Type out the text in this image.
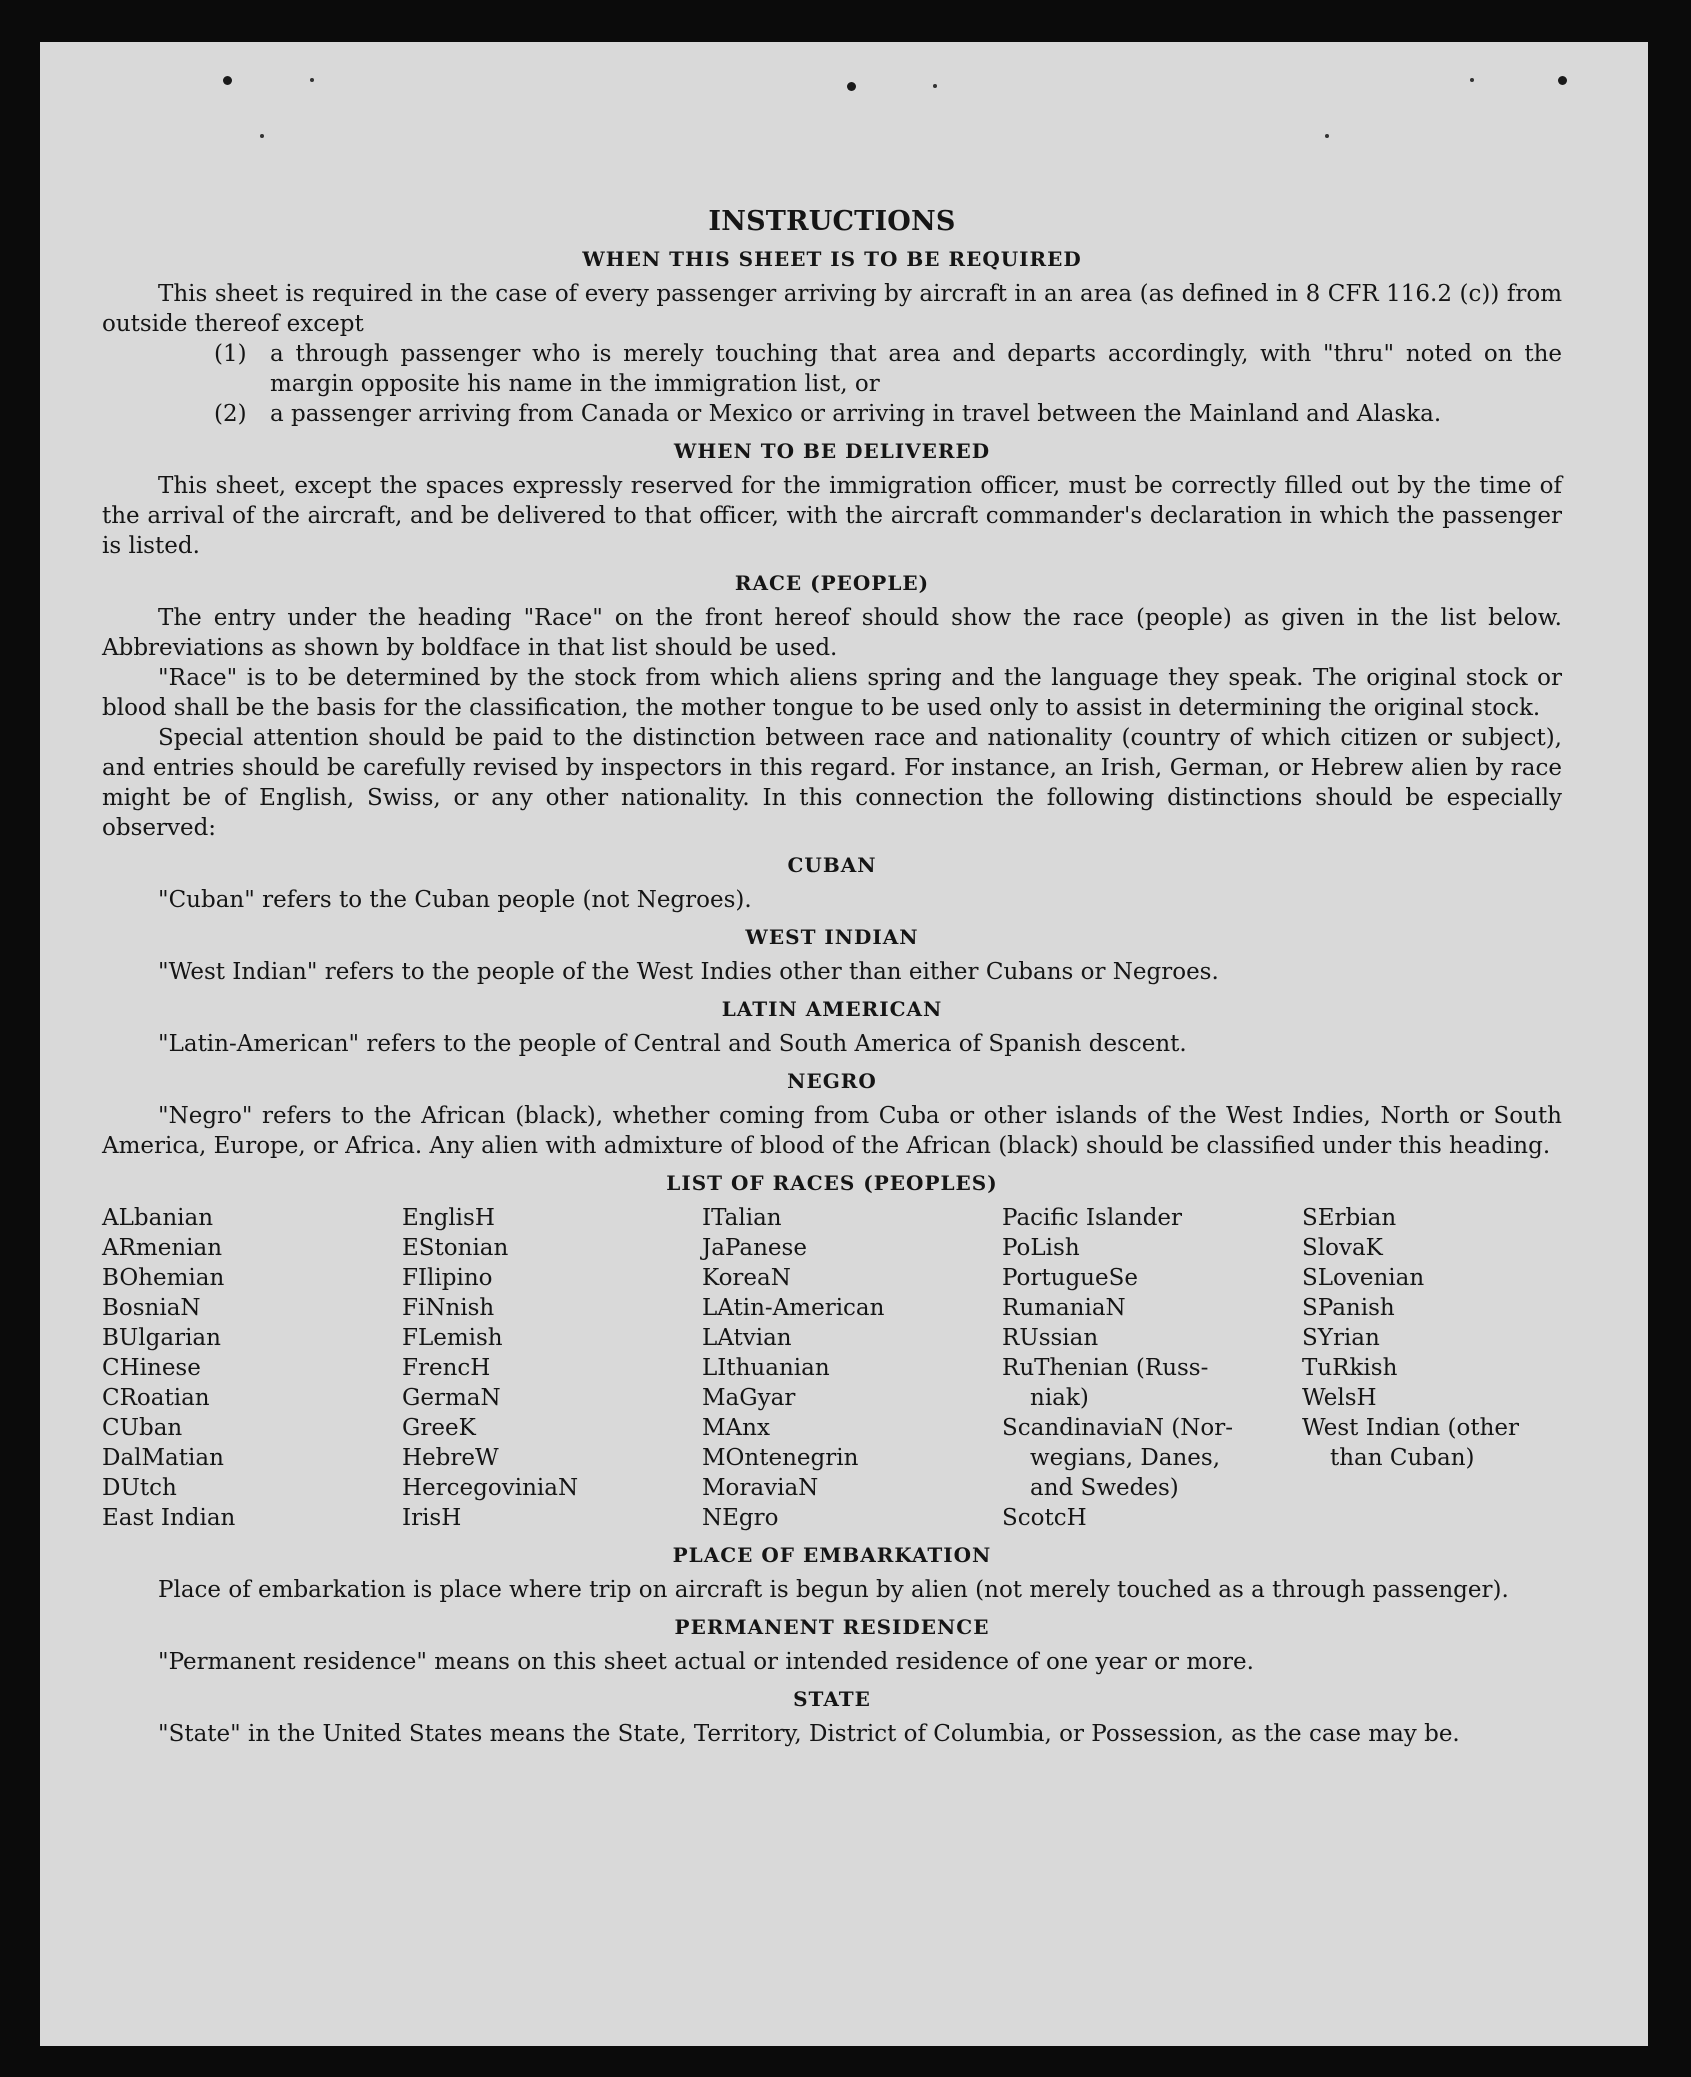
INSTRUCTIONS
WHEN THIS SHEET IS TO BE REQUIRED

This sheet is required in the case of every passenger arriving by aircraft in an area (as defined in 8 CFR 116.2 (c)) from outside thereof except

(1)	a through passenger who is merely touching that area and departs accordingly, with "thru" noted on the margin opposite his name in the immigration list, or
(2)	a passenger arriving from Canada or Mexico or arriving in travel between the Mainland and Alaska.
WHEN TO BE DELIVERED

This sheet, except the spaces expressly reserved for the immigration officer, must be correctly filled out by the time of the arrival of the aircraft, and be delivered to that officer, with the aircraft commander's declaration in which the passenger is listed.

RACE (PEOPLE)

The entry under the heading "Race" on the front hereof should show the race (people) as given in the list below. Abbreviations as shown by boldface in that list should be used.

"Race" is to be determined by the stock from which aliens spring and the language they speak. The original stock or blood shall be the basis for the classification, the mother tongue to be used only to assist in determining the original stock.

Special attention should be paid to the distinction between race and nationality (country of which citizen or subject), and entries should be carefully revised by inspectors in this regard. For instance, an Irish, German, or Hebrew alien by race might be of English, Swiss, or any other nationality. In this connection the following distinctions should be especially observed:

CUBAN

"Cuban" refers to the Cuban people (not Negroes).

WEST INDIAN

"West Indian" refers to the people of the West Indies other than either Cubans or Negroes.

LATIN AMERICAN

"Latin-American" refers to the people of Central and South America of Spanish descent.

NEGRO

"Negro" refers to the African (black), whether coming from Cuba or other islands of the West Indies, North or South America, Europe, or Africa. Any alien with admixture of blood of the African (black) should be classified under this heading.

LIST OF RACES (PEOPLES)
ALbanian
ARmenian
BOhemian
BosniaN
BUlgarian
CHinese
CRoatian
CUban
DalMatian
DUtch
East Indian
EnglisH
EStonian
FIlipino
FiNnish
FLemish
FrencH
GermaN
GreeK
HebreW
HercegoviniaN
IrisH
ITalian
JaPanese
KoreaN
LAtin-American
LAtvian
LIthuanian
MaGyar
MAnx
MOntenegrin
MoraviaN
NEgro
Pacific Islander
PoLish
PortugueSe
RumaniaN
RUssian
RuThenian (Russ-
niak)
ScandinaviaN (Nor-
wegians, Danes,
and Swedes)
ScotcH
SErbian
SlovaK
SLovenian
SPanish
SYrian
TuRkish
WelsH
West Indian (other
than Cuban)
PLACE OF EMBARKATION

Place of embarkation is place where trip on aircraft is begun by alien (not merely touched as a through passenger).

PERMANENT RESIDENCE

"Permanent residence" means on this sheet actual or intended residence of one year or more.

STATE

"State" in the United States means the State, Territory, District of Columbia, or Possession, as the case may be.
